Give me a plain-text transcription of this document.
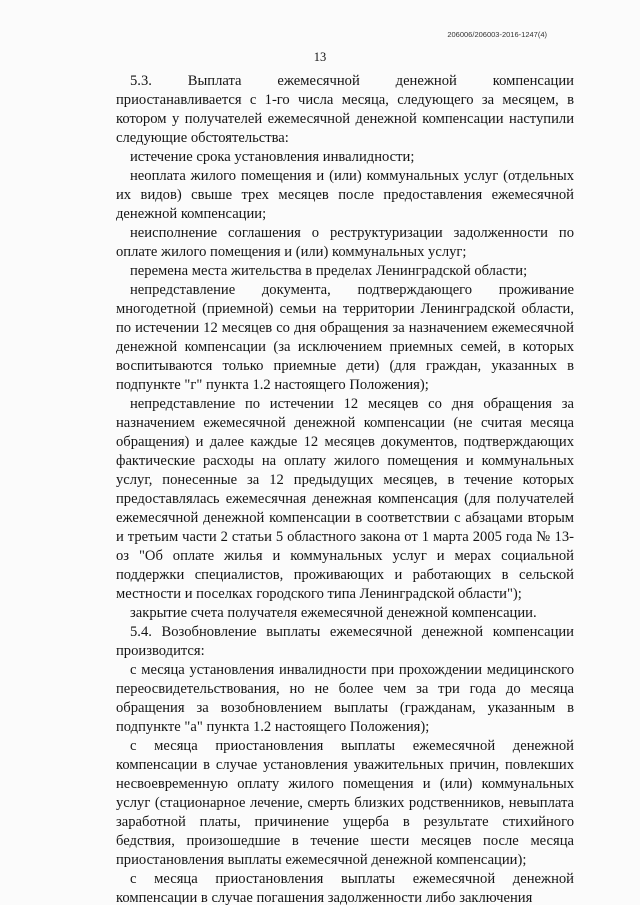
206006/206003-2016-1247(4)
13

5.3. Выплата ежемесячной денежной компенсации приостанавливается с 1-го числа месяца, следующего за месяцем, в котором у получателей ежемесячной денежной компенсации наступили следующие обстоятельства:

истечение срока установления инвалидности;

неоплата жилого помещения и (или) коммунальных услуг (отдельных их видов) свыше трех месяцев после предоставления ежемесячной денежной компенсации;

неисполнение соглашения о реструктуризации задолженности по оплате жилого помещения и (или) коммунальных услуг;

перемена места жительства в пределах Ленинградской области;

непредставление документа, подтверждающего проживание многодетной (приемной) семьи на территории Ленинградской области, по истечении 12 месяцев со дня обращения за назначением ежемесячной денежной компенсации (за исключением приемных семей, в которых воспитываются только приемные дети) (для граждан, указанных в подпункте "г" пункта 1.2 настоящего Положения);

непредставление по истечении 12 месяцев со дня обращения за назначением ежемесячной денежной компенсации (не считая месяца обращения) и далее каждые 12 месяцев документов, подтверждающих фактические расходы на оплату жилого помещения и коммунальных услуг, понесенные за 12 предыдущих месяцев, в течение которых предоставлялась ежемесячная денежная компенсация (для получателей ежемесячной денежной компенсации в соответствии с абзацами вторым и третьим части 2 статьи 5 областного закона от 1 марта 2005 года № 13-оз "Об оплате жилья и коммунальных услуг и мерах социальной поддержки специалистов, проживающих и работающих в сельской местности и поселках городского типа Ленинградской области");

закрытие счета получателя ежемесячной денежной компенсации.

5.4. Возобновление выплаты ежемесячной денежной компенсации производится:

с месяца установления инвалидности при прохождении медицинского переосвидетельствования, но не более чем за три года до месяца обращения за возобновлением выплаты (гражданам, указанным в подпункте "а" пункта 1.2 настоящего Положения);

с месяца приостановления выплаты ежемесячной денежной компенсации в случае установления уважительных причин, повлекших несвоевременную оплату жилого помещения и (или) коммунальных услуг (стационарное лечение, смерть близких родственников, невыплата заработной платы, причинение ущерба в результате стихийного бедствия, произошедшие в течение шести месяцев после месяца приостановления выплаты ежемесячной денежной компенсации);

с месяца приостановления выплаты ежемесячной денежной компенсации в случае погашения задолженности либо заключения
